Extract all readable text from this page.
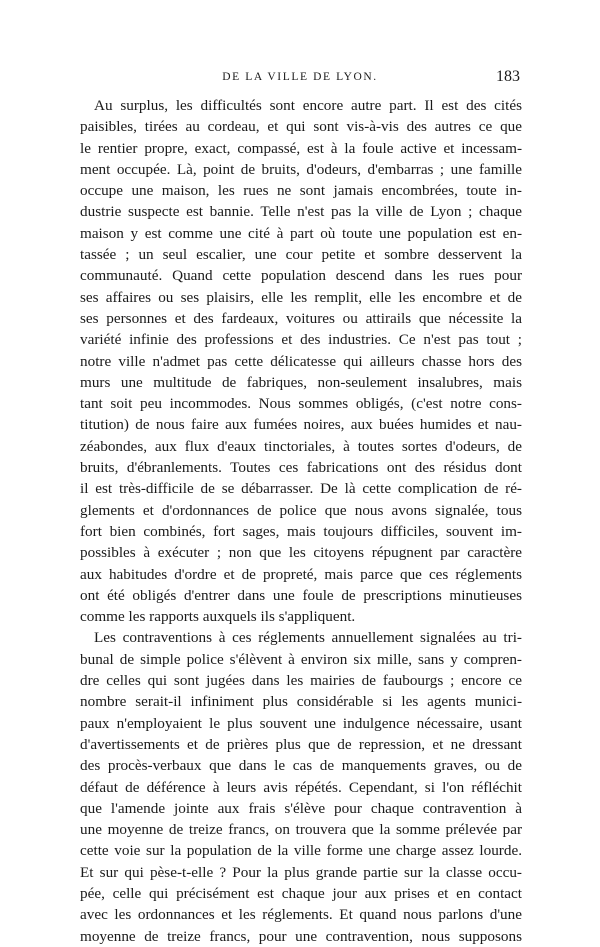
DE LA VILLE DE LYON.	183
Au surplus, les difficultés sont encore autre part. Il est des cités
paisibles, tirées au cordeau, et qui sont vis-à-vis des autres ce que
le rentier propre, exact, compassé, est à la foule active et incessam-
ment occupée. Là, point de bruits, d'odeurs, d'embarras ; une famille
occupe une maison, les rues ne sont jamais encombrées, toute in-
dustrie suspecte est bannie. Telle n'est pas la ville de Lyon ; chaque
maison y est comme une cité à part où toute une population est en-
tassée ; un seul escalier, une cour petite et sombre desservent la
communauté. Quand cette population descend dans les rues pour
ses affaires ou ses plaisirs, elle les remplit, elle les encombre et de
ses personnes et des fardeaux, voitures ou attirails que nécessite la
variété infinie des professions et des industries. Ce n'est pas tout ;
notre ville n'admet pas cette délicatesse qui ailleurs chasse hors des
murs une multitude de fabriques, non-seulement insalubres, mais
tant soit peu incommodes. Nous sommes obligés, (c'est notre cons-
titution) de nous faire aux fumées noires, aux buées humides et nau-
zéabondes, aux flux d'eaux tinctoriales, à toutes sortes d'odeurs, de
bruits, d'ébranlements. Toutes ces fabrications ont des résidus dont
il est très-difficile de se débarrasser. De là cette complication de ré-
glements et d'ordonnances de police que nous avons signalée, tous
fort bien combinés, fort sages, mais toujours difficiles, souvent im-
possibles à exécuter ; non que les citoyens répugnent par caractère
aux habitudes d'ordre et de propreté, mais parce que ces réglements
ont été obligés d'entrer dans une foule de prescriptions minutieuses
comme les rapports auxquels ils s'appliquent.
Les contraventions à ces réglements annuellement signalées au tri-
bunal de simple police s'élèvent à environ six mille, sans y compren-
dre celles qui sont jugées dans les mairies de faubourgs ; encore ce
nombre serait-il infiniment plus considérable si les agents munici-
paux n'employaient le plus souvent une indulgence nécessaire, usant
d'avertissements et de prières plus que de repression, et ne dressant
des procès-verbaux que dans le cas de manquements graves, ou de
défaut de déférence à leurs avis répétés. Cependant, si l'on réfléchit
que l'amende jointe aux frais s'élève pour chaque contravention à
une moyenne de treize francs, on trouvera que la somme prélevée par
cette voie sur la population de la ville forme une charge assez lourde.
Et sur qui pèse-t-elle ? Pour la plus grande partie sur la classe occu-
pée, celle qui précisément est chaque jour aux prises et en contact
avec les ordonnances et les réglements. Et quand nous parlons d'une
moyenne de treize francs, pour une contravention, nous supposons
